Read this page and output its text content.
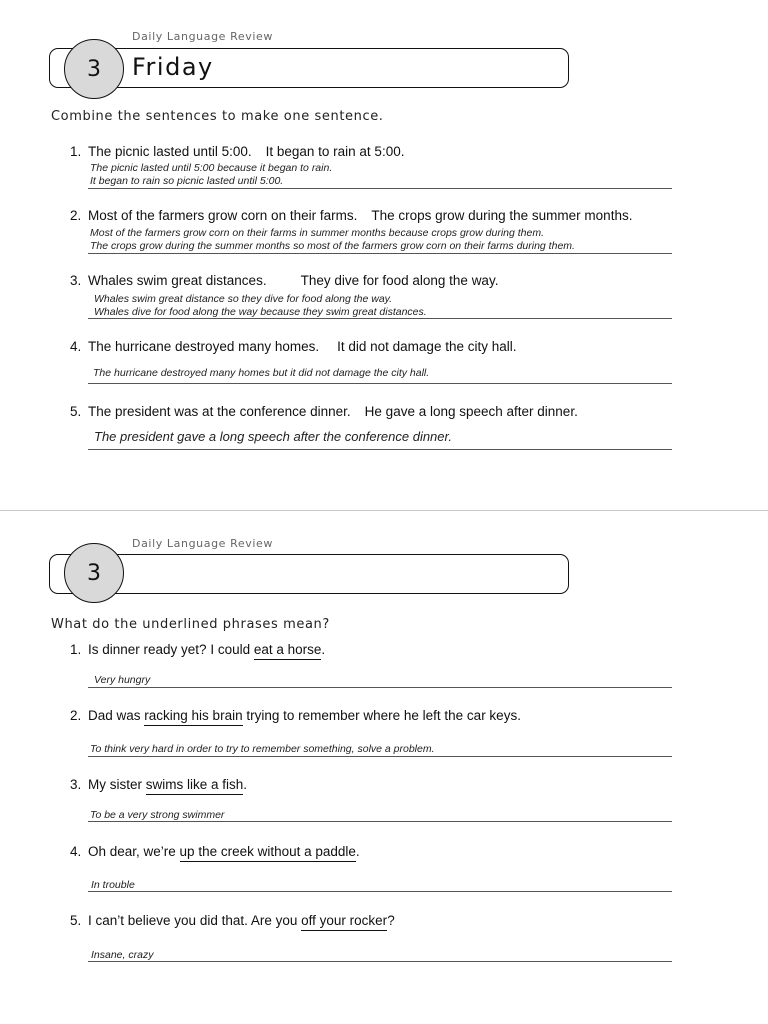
Daily Language Review
3	Friday
Combine the sentences to make one sentence.
1. The picnic lasted until 5:00. It began to rain at 5:00.
The picnic lasted until 5:00 because it began to rain.
It began to rain so picnic lasted until 5:00.
2. Most of the farmers grow corn on their farms. The crops grow during the summer months.
Most of the farmers grow corn on their farms in summer months because crops grow during them.
The crops grow during the summer months so most of the farmers grow corn on their farms during them.
3. Whales swim great distances.	They dive for food along the way.
Whales swim great distance so they dive for food along the way.
Whales dive for food along the way because they swim great distances.
4. The hurricane destroyed many homes. It did not damage the city hall.
The hurricane destroyed many homes but it did not damage the city hall.
5. The president was at the conference dinner. He gave a long speech after dinner.
The president gave a long speech after the conference dinner.
Daily Language Review
3
What do the underlined phrases mean?
1. Is dinner ready yet? I could eat a horse.
Very hungry
2. Dad was racking his brain trying to remember where he left the car keys.
To think very hard in order to try to remember something, solve a problem.
3. My sister swims like a fish.
To be a very strong swimmer
4. Oh dear, we’re up the creek without a paddle.
In trouble
5. I can’t believe you did that. Are you off your rocker?
Insane, crazy
